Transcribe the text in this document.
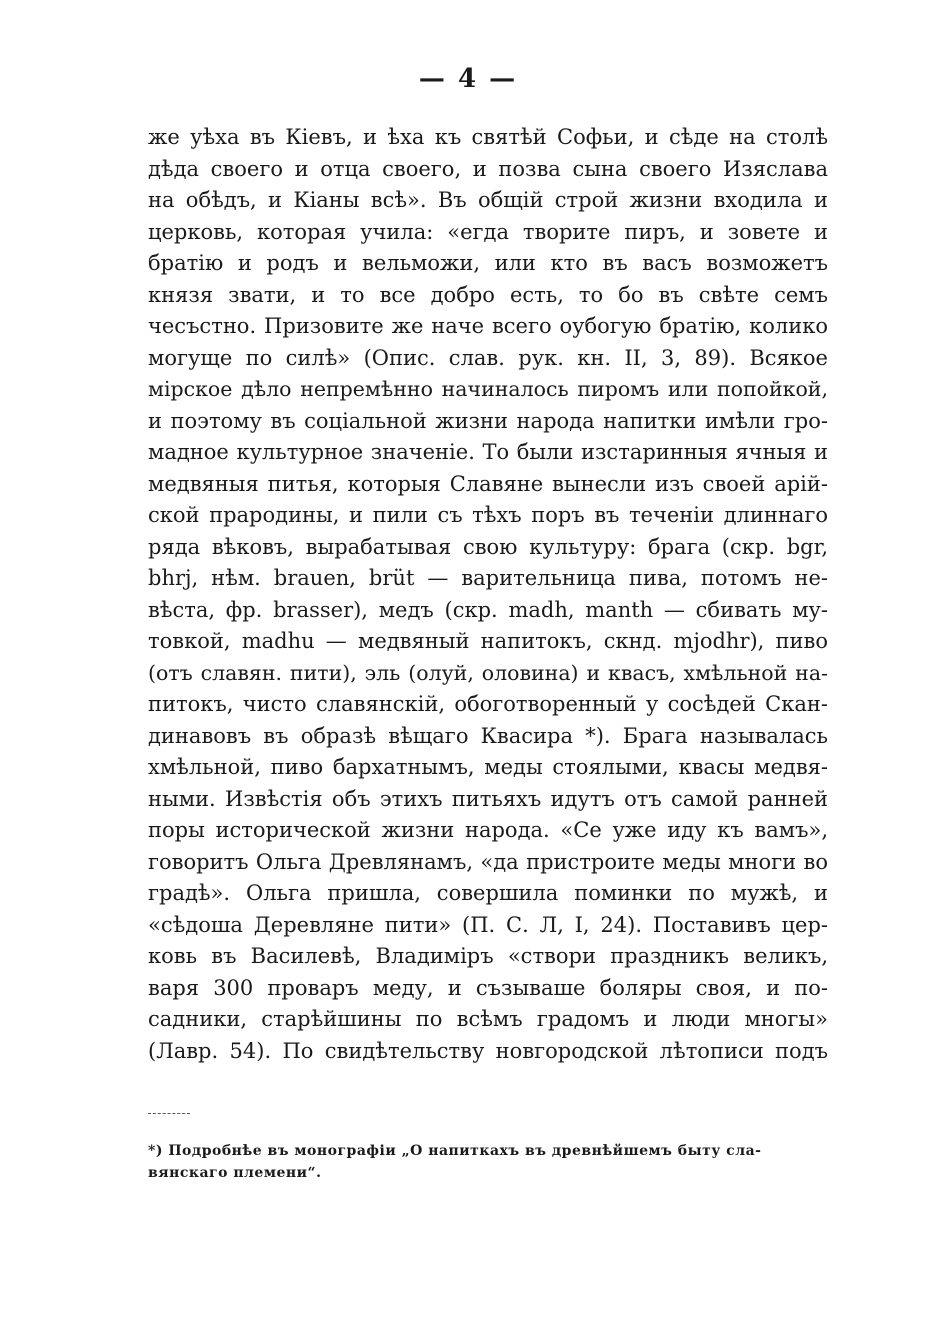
— 4 —
же уѣха въ Кіевъ, и ѣха къ святѣй Софьи, и сѣде на столѣ
дѣда своего и отца своего, и позва сына своего Изяслава
на обѣдъ, и Кіаны всѣ». Въ общій строй жизни входила и
церковь, которая учила: «егда творите пиръ, и зовете и
братію и родъ и вельможи, или кто въ васъ возможетъ
князя звати, и то все добро есть, то бо въ свѣте семъ
чесъстно. Призовите же наче всего оубогую братію, колико
могуще по силѣ» (Опис. слав. рук. кн. II, 3, 89). Всякое
мірское дѣло непремѣнно начиналось пиромъ или попойкой,
и поэтому въ соціальной жизни народа напитки имѣли гро-
мадное культурное значеніе. То были изстаринныя ячныя и
медвяныя питья, которыя Славяне вынесли изъ своей арій-
ской прародины, и пили съ тѣхъ поръ въ теченіи длиннаго
ряда вѣковъ, вырабатывая свою культуру: брага (скр. bgr,
bhrj, нѣм. brauen, brüt — варительница пива, потомъ не-
вѣста, фр. brasser), медъ (скр. madh, manth — сбивать му-
товкой, madhu — медвяный напитокъ, скнд. mjodhr), пиво
(отъ славян. пити), эль (олуй, оловина) и квасъ, хмѣльной на-
питокъ, чисто славянскій, обоготворенный у сосѣдей Скан-
динавовъ въ образѣ вѣщаго Квасира *). Брага называлась
хмѣльной, пиво бархатнымъ, меды стоялыми, квасы медвя-
ными. Извѣстія объ этихъ питьяхъ идутъ отъ самой ранней
поры исторической жизни народа. «Се уже иду къ вамъ»,
говоритъ Ольга Древлянамъ, «да пристроите меды многи во
градѣ». Ольга пришла, совершила поминки по мужѣ, и
«сѣдоша Деревляне пити» (П. С. Л, I, 24). Поставивъ цер-
ковь въ Василевѣ, Владиміръ «створи праздникъ великъ,
варя 300 проваръ меду, и съзываше боляры своя, и по-
садники, старѣйшины по всѣмъ градомъ и люди многы»
(Лавр. 54). По свидѣтельству новгородской лѣтописи подъ
*) Подробнѣе въ монографіи „О напиткахъ въ древнѣйшемъ быту сла-
вянскаго племени“.
